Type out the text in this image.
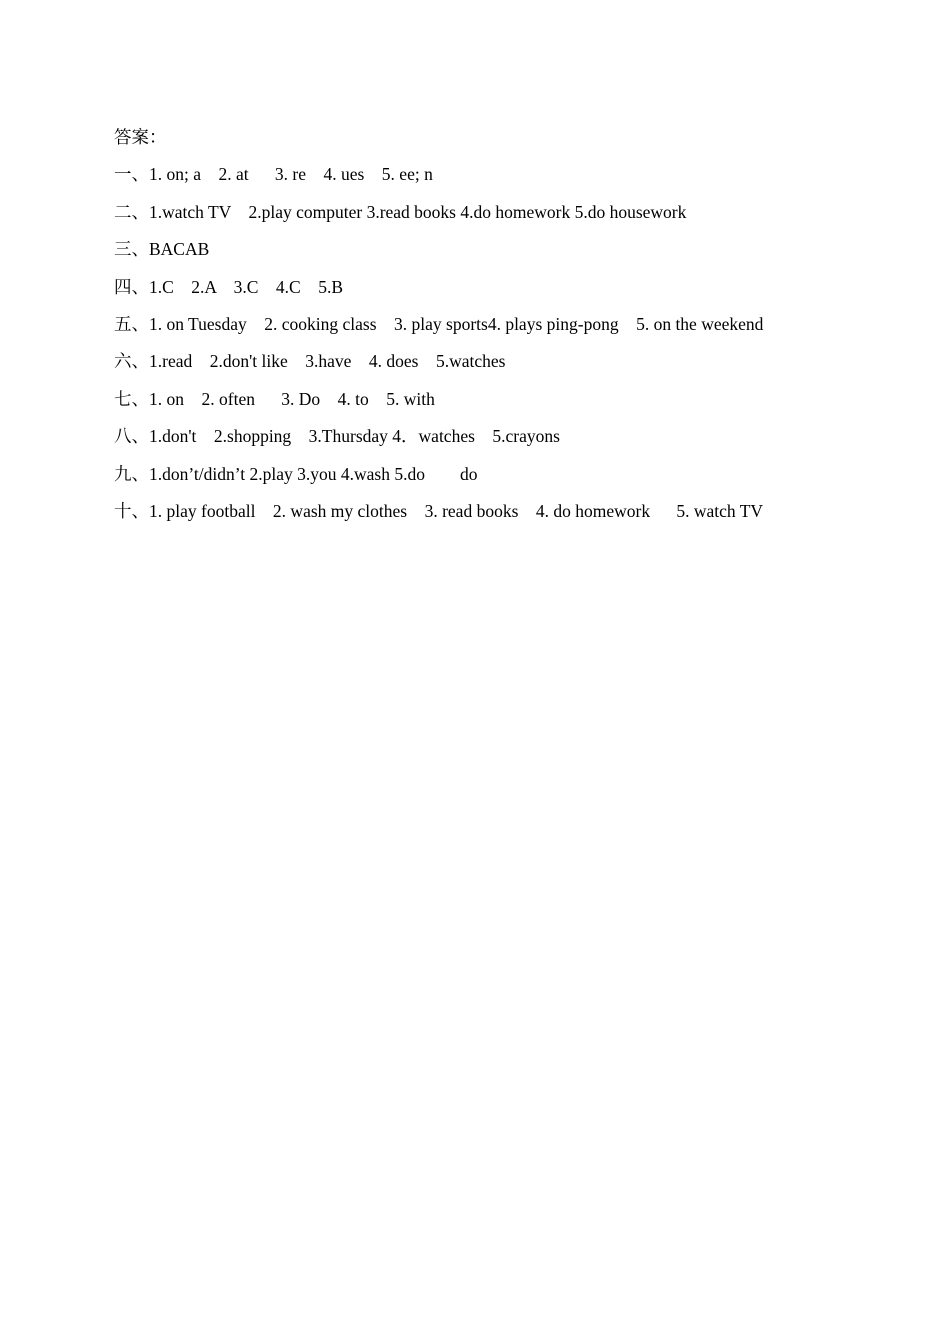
答案：
一、1. on; a    2. at      3. re    4. ues    5. ee; n
二、1.watch TV    2.play computer 3.read books 4.do homework 5.do housework
三、BACAB
四、1.C    2.A    3.C    4.C    5.B
五、1. on Tuesday    2. cooking class    3. play sports4. plays ping-pong    5. on the weekend
六、1.read    2.don't like    3.have    4. does    5.watches
七、1. on    2. often      3. Do    4. to    5. with
八、1.don't    2.shopping    3.Thursday 4．watches    5.crayons
九、1.don’t/didn’t 2.play 3.you 4.wash 5.do        do
十、1. play football    2. wash my clothes    3. read books    4. do homework      5. watch TV
